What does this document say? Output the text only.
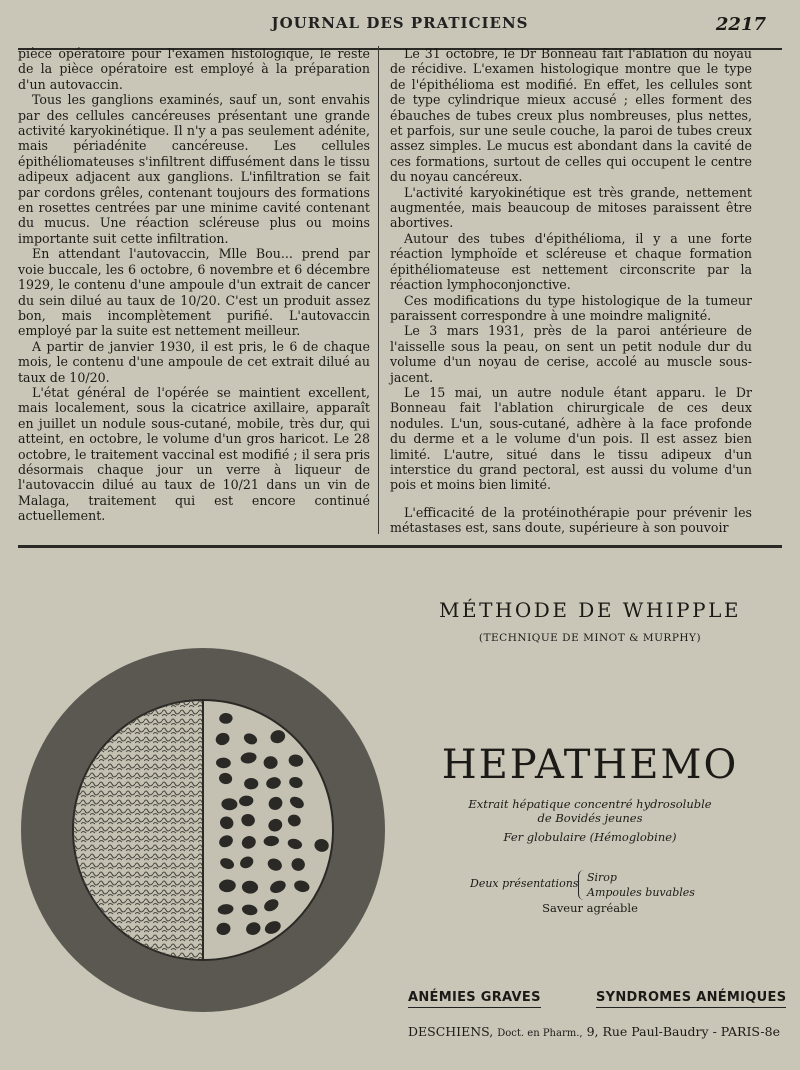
JOURNAL DES PRATICIENS	2217

pièce opératoire pour l'examen histologique, le reste de la pièce opératoire est employé à la préparation d'un autovaccin.

Tous les ganglions examinés, sauf un, sont envahis par des cellules cancéreuses présentant une grande activité karyokinétique. Il n'y a pas seulement adénite, mais périadénite cancéreuse. Les cellules épithéliomateuses s'infiltrent diffusément dans le tissu adipeux adjacent aux ganglions. L'infiltration se fait par cordons grêles, contenant toujours des formations en rosettes centrées par une minime cavité contenant du mucus. Une réaction scléreuse plus ou moins importante suit cette infiltration.

En attendant l'autovaccin, Mlle Bou... prend par voie buccale, les 6 octobre, 6 novembre et 6 décembre 1929, le contenu d'une ampoule d'un extrait de cancer du sein dilué au taux de 10/20. C'est un produit assez bon, mais incomplètement purifié. L'autovaccin employé par la suite est nettement meilleur.

A partir de janvier 1930, il est pris, le 6 de chaque mois, le contenu d'une ampoule de cet extrait dilué au taux de 10/20.

L'état général de l'opérée se maintient excellent, mais localement, sous la cicatrice axillaire, apparaît en juillet un nodule sous-cutané, mobile, très dur, qui atteint, en octobre, le volume d'un gros haricot. Le 28 octobre, le traitement vaccinal est modifié ; il sera pris désormais chaque jour un verre à liqueur de l'autovaccin dilué au taux de 10/21 dans un vin de Malaga, traitement qui est encore continué actuellement.

Le 31 octobre, le Dr Bonneau fait l'ablation du noyau de récidive. L'examen histologique montre que le type de l'épithélioma est modifié. En effet, les cellules sont de type cylindrique mieux accusé ; elles forment des ébauches de tubes creux plus nombreuses, plus nettes, et parfois, sur une seule couche, la paroi de tubes creux assez simples. Le mucus est abondant dans la cavité de ces formations, surtout de celles qui occupent le centre du noyau cancéreux.

L'activité karyokinétique est très grande, nettement augmentée, mais beaucoup de mitoses paraissent être abortives.

Autour des tubes d'épithélioma, il y a une forte réaction lymphoïde et scléreuse et chaque formation épithéliomateuse est nettement circonscrite par la réaction lymphoconjonctive.

Ces modifications du type histologique de la tumeur paraissent correspondre à une moindre malignité.

Le 3 mars 1931, près de la paroi antérieure de l'aisselle sous la peau, on sent un petit nodule dur du volume d'un noyau de cerise, accolé au muscle sous-jacent.

Le 15 mai, un autre nodule étant apparu. le Dr Bonneau fait l'ablation chirurgicale de ces deux nodules. L'un, sous-cutané, adhère à la face profonde du derme et a le volume d'un pois. Il est assez bien limité. L'autre, situé dans le tissu adipeux d'un interstice du grand pectoral, est aussi du volume d'un pois et moins bien limité.

L'efficacité de la protéinothérapie pour prévenir les métastases est, sans doute, supérieure à son pouvoir

MÉTHODE DE WHIPPLE
(TECHNIQUE DE MINOT & MURPHY)
HEPATHEMO
Extrait hépatique concentré hydrosoluble
de Bovidés jeunes
Fer globulaire (Hémoglobine)
Deux présentations Sirop
Ampoules buvables
Saveur agréable
ANÉMIES GRAVES	SYNDROMES ANÉMIQUES
DESCHIENS, Doct. en Pharm., 9, Rue Paul-Baudry - PARIS-8e
